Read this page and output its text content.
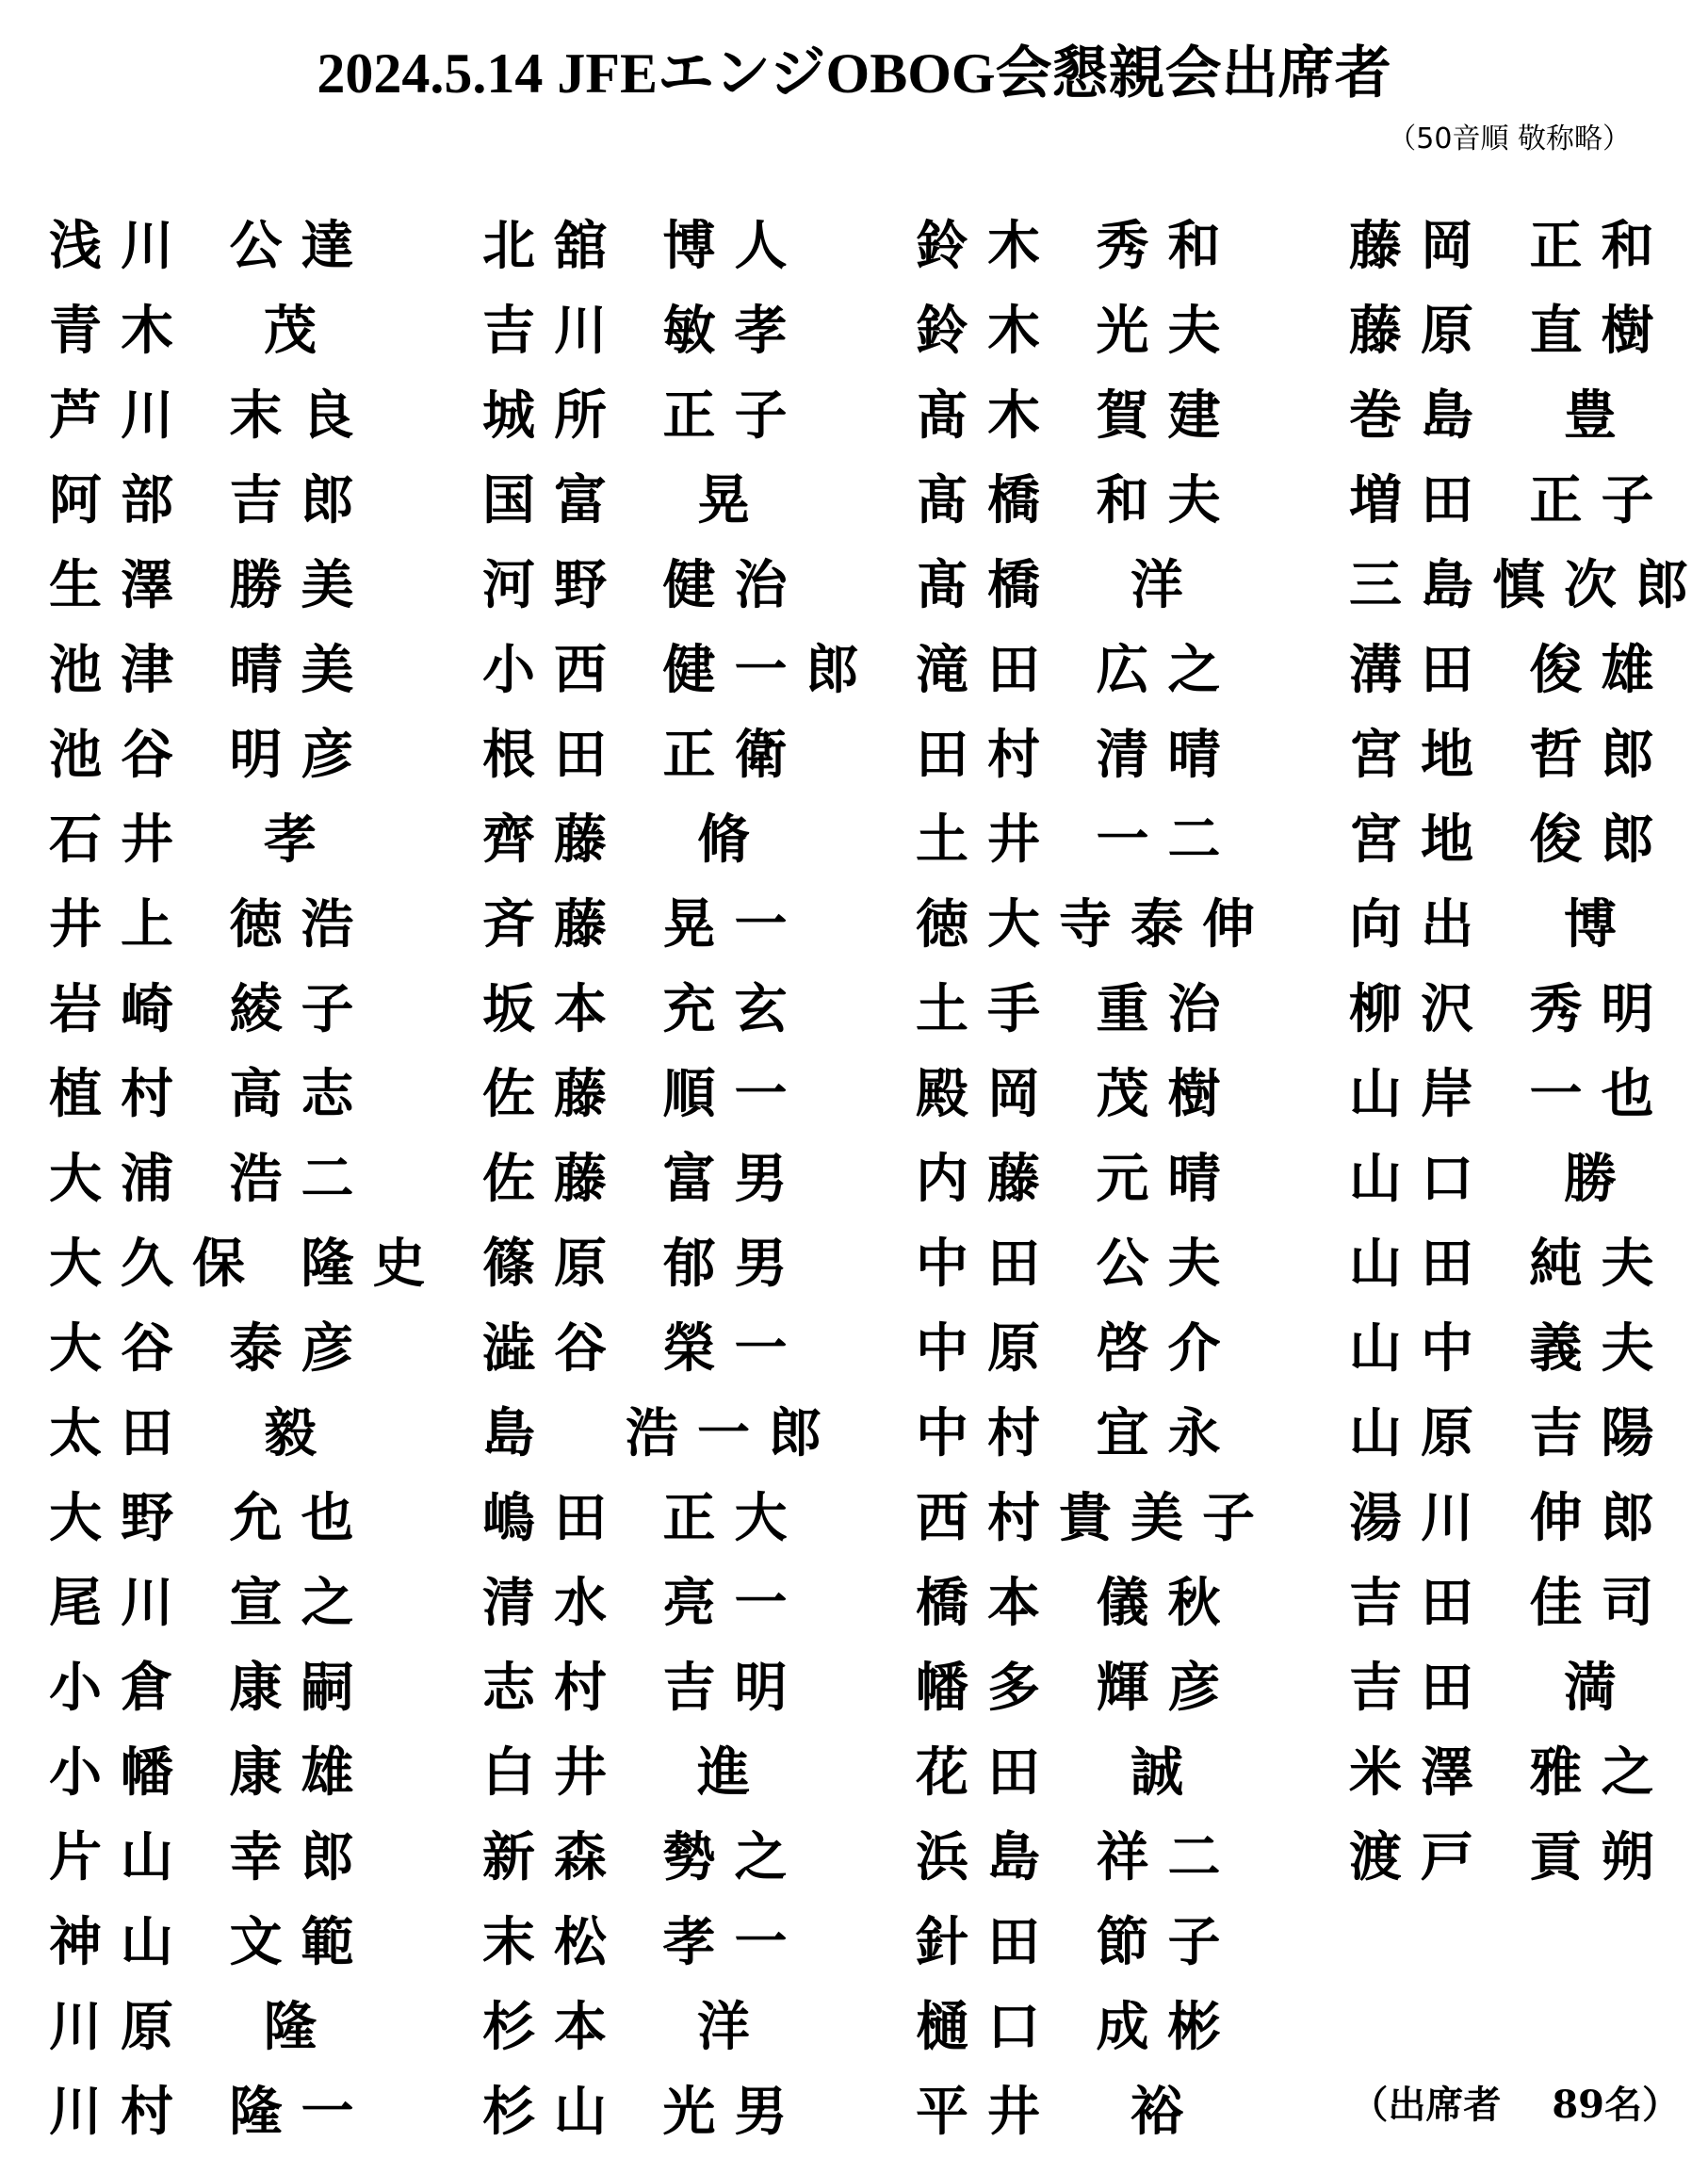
2024.5.14 JFEエンジOBOG会懇親会出席者
（50音順 敬称略）
浅川 公達
青木　茂
芦川 末良
阿部 吉郎
生澤 勝美
池津 晴美
池谷 明彦
石井　孝
井上 徳浩
岩崎 綾子
植村 高志
大浦 浩二
大久保 隆史
大谷 泰彦
太田　毅
大野 允也
尾川 宣之
小倉 康嗣
小幡 康雄
片山 幸郎
神山 文範
川原　隆
川村 隆一
北舘 博人
吉川 敏孝
城所 正子
国富　晃
河野 健治
小西 健一郎
根田 正衛
齊藤　脩
斉藤 晃一
坂本 充玄
佐藤 順一
佐藤 富男
篠原 郁男
澁谷 榮一
島　浩一郎
嶋田 正大
清水 亮一
志村 吉明
白井　進
新森 勢之
末松 孝一
杉本　洋
杉山 光男
鈴木 秀和
鈴木 光夫
髙木 賀建
髙橋 和夫
髙橋　洋
滝田 広之
田村 清晴
土井 一二
徳大寺泰伸
土手 重治
殿岡 茂樹
内藤 元晴
中田 公夫
中原 啓介
中村 宜永
西村貴美子
橋本 儀秋
幡多 輝彦
花田　誠
浜島 祥二
針田 節子
樋口 成彬
平井　裕
藤岡 正和
藤原 直樹
巻島　豊
増田 正子
三島慎次郎
溝田 俊雄
宮地 哲郎
宮地 俊郎
向出　博
柳沢 秀明
山岸 一也
山口　勝
山田 純夫
山中 義夫
山原 吉陽
湯川 伸郎
吉田 佳司
吉田　満
米澤 雅之
渡戸 貢朔
（出席者　 89名）
